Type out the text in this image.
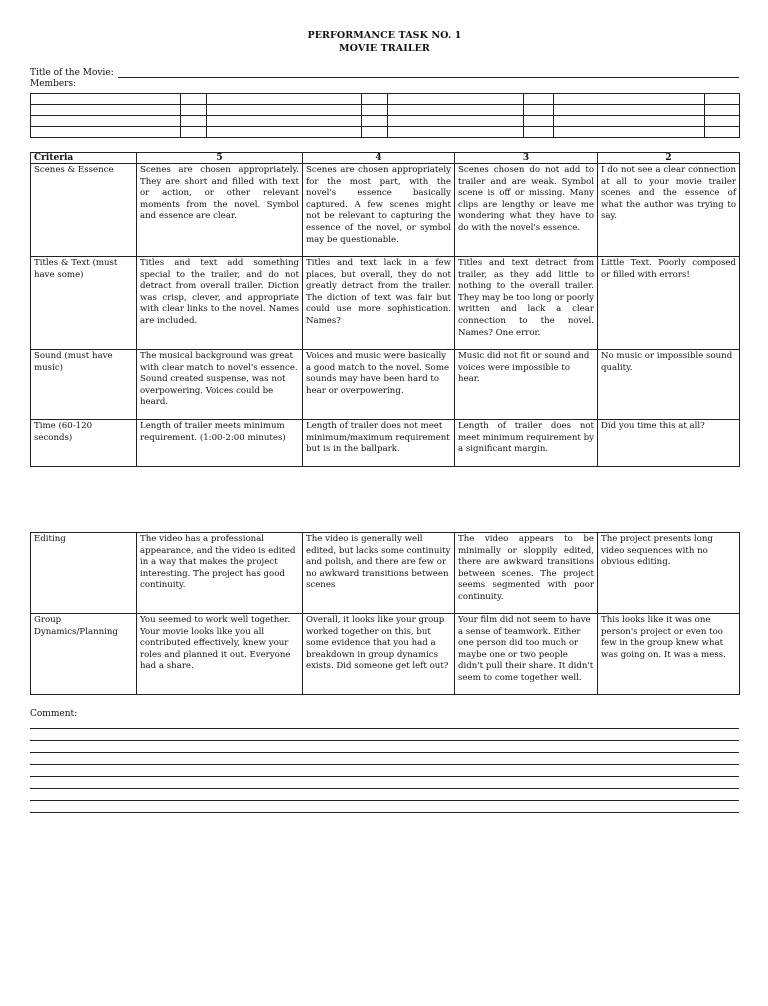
PERFORMANCE TASK NO. 1
MOVIE TRAILER
Title of the Movie:
Members:

Criteria	5	4	3	2
Scenes & Essence	Scenes are chosen appropriately. They are short and filled with text or action, or other relevant moments from the novel. Symbol and essence are clear.	Scenes are chosen appropriately for the most part, with the novel's essence basically captured. A few scenes might not be relevant to capturing the essence of the novel, or symbol may be questionable.	Scenes chosen do not add to trailer and are weak. Symbol scene is off or missing. Many clips are lengthy or leave me wondering what they have to do with the novel's essence.	I do not see a clear connection at all to your movie trailer scenes and the essence of what the author was trying to say.
Titles & Text (must have some)	Titles and text add something special to the trailer, and do not detract from overall trailer. Diction was crisp, clever, and appropriate with clear links to the novel. Names are included.	Titles and text lack in a few places, but overall, they do not greatly detract from the trailer. The diction of text was fair but could use more sophistication. Names?	Titles and text detract from trailer, as they add little to nothing to the overall trailer. They may be too long or poorly written and lack a clear connection to the novel. Names? One error.	Little Text. Poorly composed or filled with errors!
Sound (must have music)	The musical background was great with clear match to novel's essence. Sound created suspense, was not overpowering. Voices could be heard.	Voices and music were basically a good match to the novel. Some sounds may have been hard to hear or overpowering.	Music did not fit or sound and voices were impossible to hear.	No music or impossible sound quality.
Time (60-120 seconds)	Length of trailer meets minimum requirement. (1:00-2:00 minutes)	Length of trailer does not meet minimum/maximum requirement but is in the ballpark.	Length of trailer does not meet minimum requirement by a significant margin.	Did you time this at all?
Editing	The video has a professional appearance, and the video is edited in a way that makes the project interesting. The project has good continuity.	The video is generally well edited, but lacks some continuity and polish, and there are few or no awkward transitions between scenes	The video appears to be minimally or sloppily edited, there are awkward transitions between scenes. The project seems segmented with poor continuity.	The project presents long video sequences with no obvious editing.
Group Dynamics/Planning	You seemed to work well together. Your movie looks like you all contributed effectively, knew your roles and planned it out. Everyone had a share.	Overall, it looks like your group worked together on this, but some evidence that you had a breakdown in group dynamics exists. Did someone get left out?	Your film did not seem to have a sense of teamwork. Either one person did too much or maybe one or two people didn't pull their share. It didn't seem to come together well.	This looks like it was one person's project or even too few in the group knew what was going on. It was a mess.
Comment:
